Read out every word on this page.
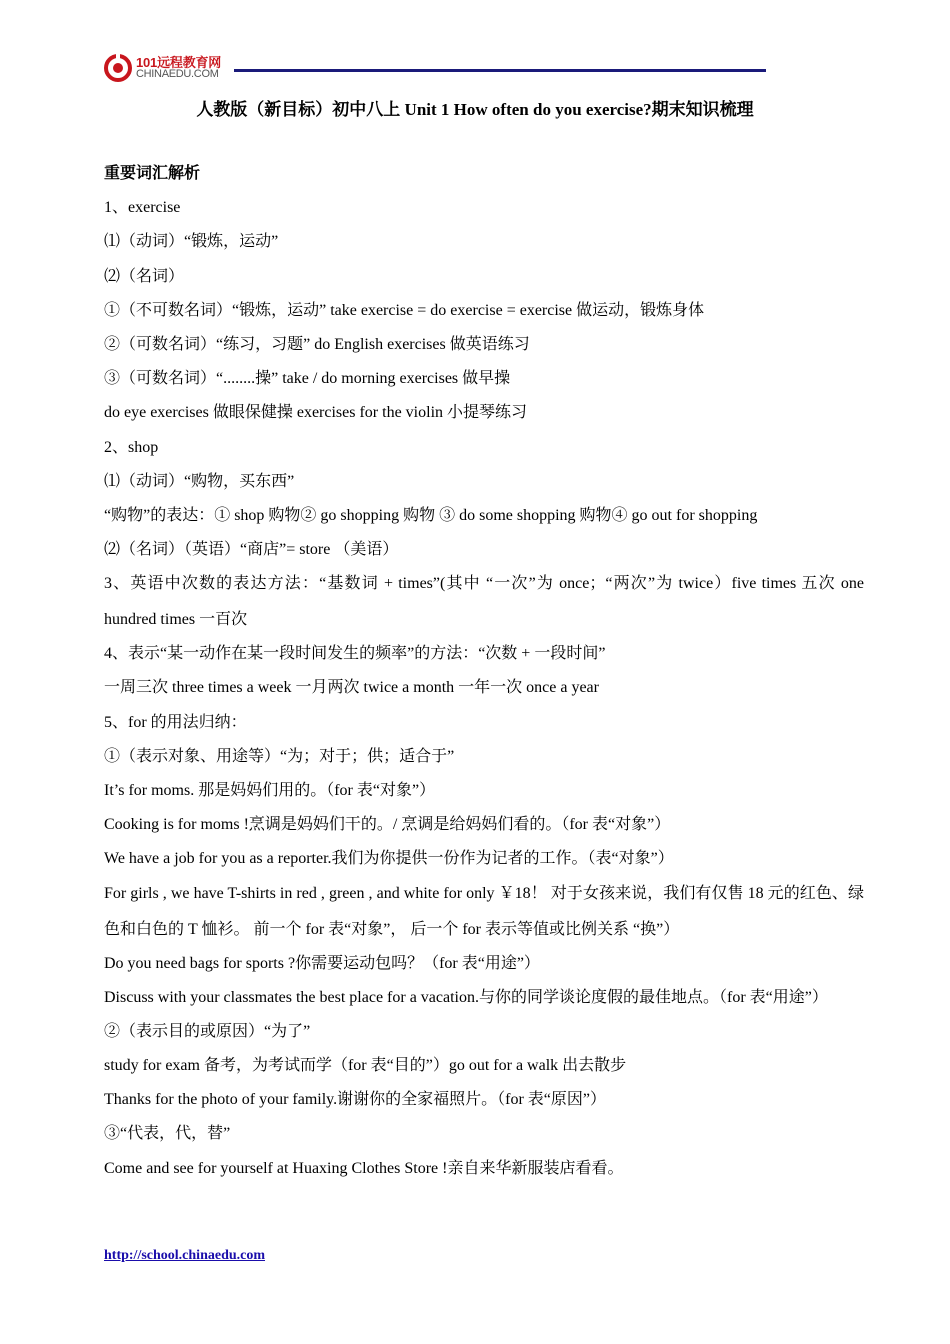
101远程教育网
CHINAEDU.COM
人教版（新目标）初中八上 Unit 1 How often do you exercise?期末知识梳理
重要词汇解析
1、exercise
⑴（动词）“锻炼，运动”
⑵（名词）
①（不可数名词）“锻炼，运动” take exercise = do exercise = exercise 做运动，锻炼身体
②（可数名词）“练习，习题” do English exercises 做英语练习
③（可数名词）“........操” take / do morning exercises 做早操
do eye exercises 做眼保健操 exercises for the violin 小提琴练习
2、shop
⑴（动词）“购物，买东西”
“购物”的表达：① shop 购物② go shopping 购物 ③ do some shopping 购物④ go out for shopping
⑵（名词）（英语）“商店”= store （美语）
3、英语中次数的表达方法：“基数词 + times”(其中 “一次”为 once；“两次”为 twice）five times 五次 one hundred times 一百次
4、表示“某一动作在某一段时间发生的频率”的方法：“次数 + 一段时间”
一周三次 three times a week 一月两次 twice a month 一年一次 once a year
5、for 的用法归纳：
①（表示对象、用途等）“为；对于；供；适合于”
It’s for moms. 那是妈妈们用的。（for 表“对象”）
Cooking is for moms !烹调是妈妈们干的。/ 烹调是给妈妈们看的。（for 表“对象”）
We have a job for you as a reporter.我们为你提供一份作为记者的工作。（表“对象”）
For girls , we have T-shirts in red , green , and white for only ￥18！ 对于女孩来说，我们有仅售 18 元的红色、绿色和白色的 T 恤衫。 前一个 for 表“对象”， 后一个 for 表示等值或比例关系 “换”）
Do you need bags for sports ?你需要运动包吗？（for 表“用途”）
Discuss with your classmates the best place for a vacation.与你的同学谈论度假的最佳地点。（for 表“用途”）
②（表示目的或原因）“为了”
study for exam 备考，为考试而学（for 表“目的”）go out for a walk 出去散步
Thanks for the photo of your family.谢谢你的全家福照片。（for 表“原因”）
③“代表，代，替”
Come and see for yourself at Huaxing Clothes Store !亲自来华新服装店看看。
http://school.chinaedu.com
